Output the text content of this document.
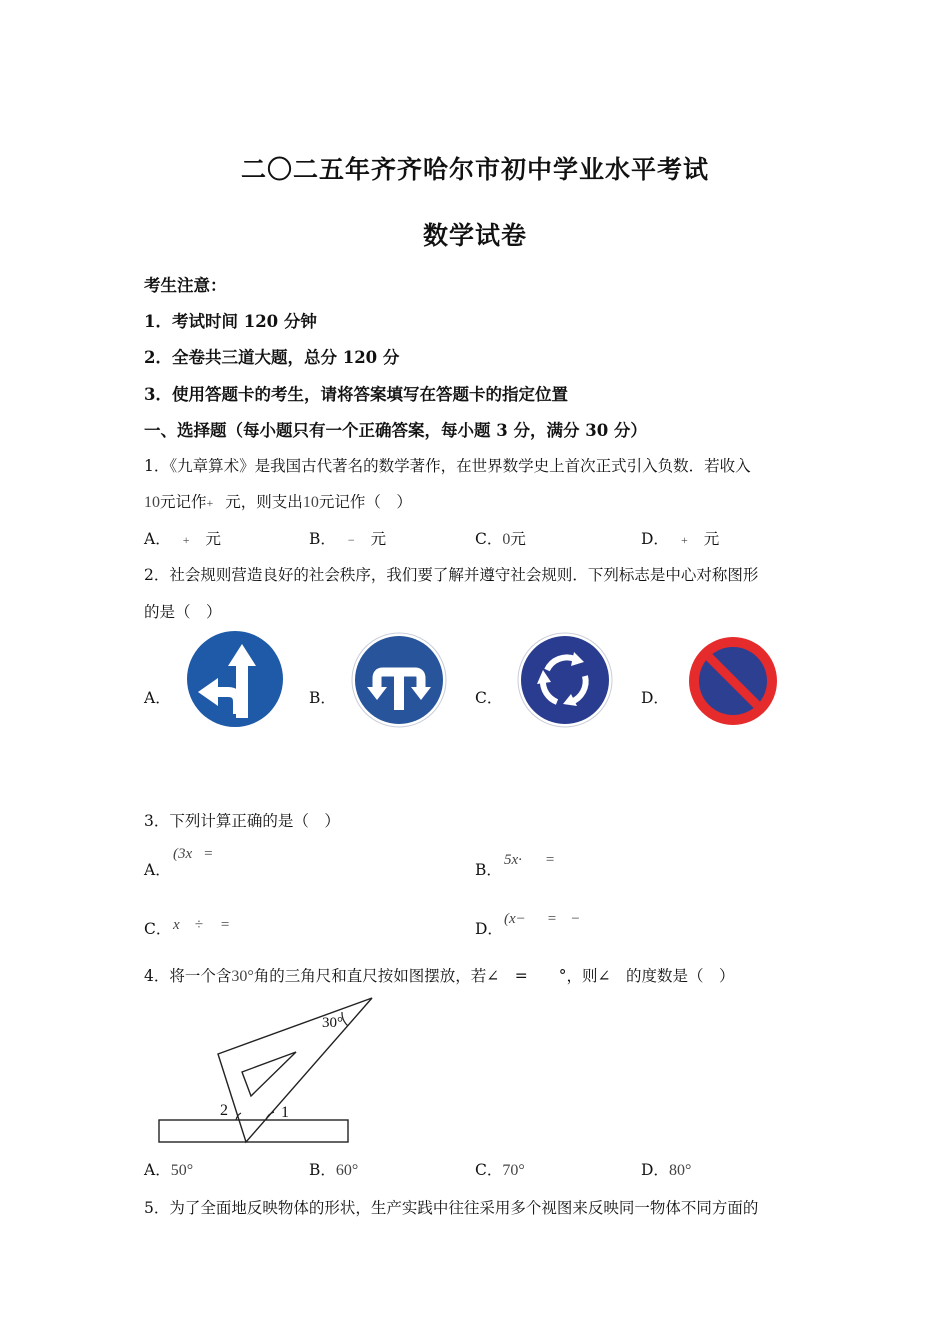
二〇二五年齐齐哈尔市初中学业水平考试
数学试卷
考生注意：
1．考试时间 120 分钟
2．全卷共三道大题，总分 120 分
3．使用答题卡的考生，请将答案填写在答题卡的指定位置
一、选择题（每小题只有一个正确答案，每小题 3 分，满分 30 分）
1．《九章算术》是我国古代著名的数学著作，在世界数学史上首次正式引入负数．若收入
10元记作+ 元，则支出10元记作（　）
A． + 元	B． − 元	C．0元	D． + 元
2．社会规则营造良好的社会秩序，我们要了解并遵守社会规则．下列标志是中心对称图形
的是（　）
A．	B．	C．	D．
3．下列计算正确的是（　）
A．
(3x =
B．
5x· =
C． x　÷ =	D．
(x− =　−
4．将一个含30°角的三角尺和直尺按如图摆放，若∠　=　　°，则∠　的度数是（　）
30°
2	1
A．50°	B．60°	C．70°	D．80°
5．为了全面地反映物体的形状，生产实践中往往采用多个视图来反映同一物体不同方面的
